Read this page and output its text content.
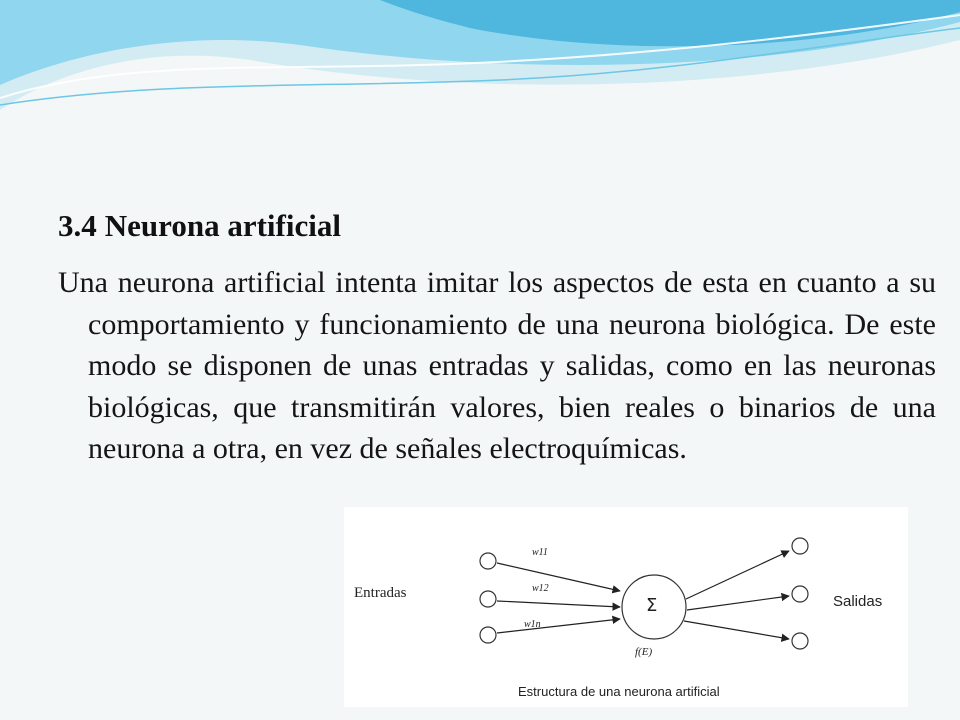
3.4 Neurona artificial

Una neurona artificial intenta imitar los aspectos de esta en cuanto a su comportamiento y funcionamiento de una neurona biológica. De este modo se disponen de unas entradas y salidas, como en las neuronas biológicas, que transmitirán valores, bien reales o binarios de una neurona a otra, en vez de señales electroquímicas.

Entradas	Salidas
w11
w12
w1n
Σ
f(E)
Estructura de una neurona artificial
